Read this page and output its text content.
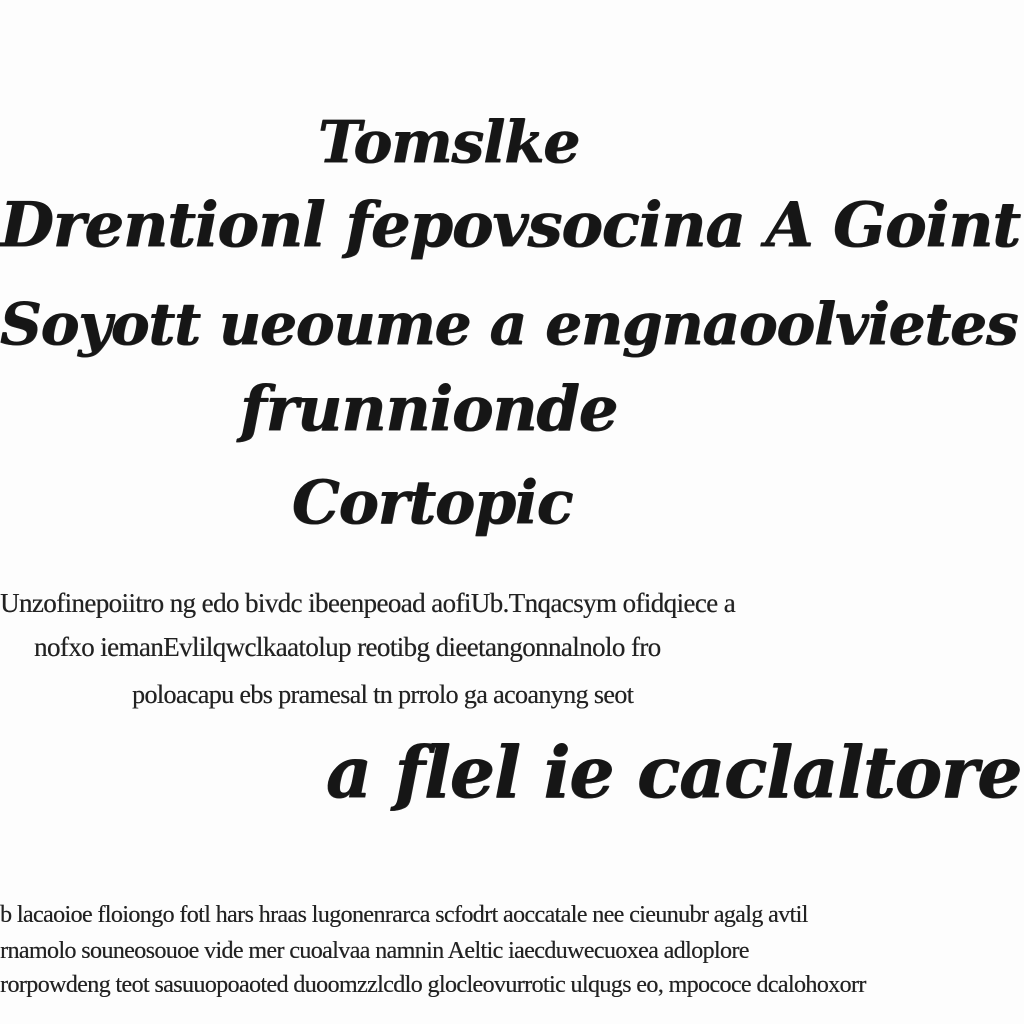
Tomslke
Drentionl fepovsocina A Goint
Soyott ueoume a engnaoolvietes
frunnionde
Cortopic
Unzofinepoiitro ng edo bivdc ibeenpeoad aofiUb.Tnqacsym ofidqiece a
nofxo iemanEvlilqwclkaatolup reotibg dieetangonnalnolo fro
poloacapu ebs pramesal tn prrolo ga acoanyng seot
a flel ie caclaltore
b lacaoioe floiongo fotl hars hraas lugonenrarca scfodrt aoccatale nee cieunubr agalg avtil
rnamolo souneosouoe vide mer cuoalvaa namnin Aeltic iaecduwecuoxea adloplore
rorpowdeng teot sasuuopoaoted duoomzzlcdlo glocleovurrotic ulqugs eo, mpococe dcalohoxorr
